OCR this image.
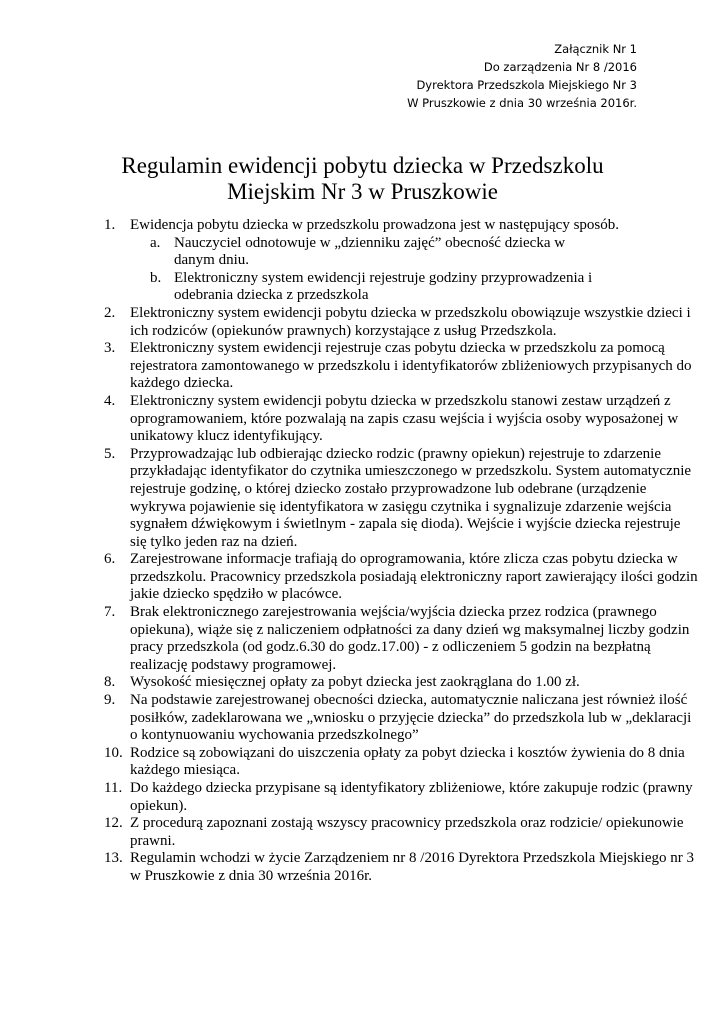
Załącznik Nr 1
Do zarządzenia Nr 8 /2016
Dyrektora Przedszkola Miejskiego Nr 3
W Pruszkowie z dnia 30 września 2016r.
Regulamin ewidencji pobytu dziecka w Przedszkolu
Miejskim Nr 3 w Pruszkowie
1. Ewidencja pobytu dziecka w przedszkolu prowadzona jest w następujący sposób.
a. Nauczyciel odnotowuje w „dzienniku zajęć” obecność dziecka w danym dniu.
b. Elektroniczny system ewidencji rejestruje godziny przyprowadzenia i odebrania dziecka z przedszkola
2. Elektroniczny system ewidencji pobytu dziecka w przedszkolu obowiązuje wszystkie dzieci i ich rodziców (opiekunów prawnych) korzystające z usług Przedszkola.
3. Elektroniczny system ewidencji rejestruje czas pobytu dziecka w przedszkolu za pomocą rejestratora zamontowanego w przedszkolu i identyfikatorów zbliżeniowych przypisanych do każdego dziecka.
4. Elektroniczny system ewidencji pobytu dziecka w przedszkolu stanowi zestaw urządzeń z oprogramowaniem, które pozwalają na zapis czasu wejścia i wyjścia osoby wyposażonej w unikatowy klucz identyfikujący.
5. Przyprowadzając lub odbierając dziecko rodzic (prawny opiekun) rejestruje to zdarzenie przykładając identyfikator do czytnika umieszczonego w przedszkolu. System automatycznie rejestruje godzinę, o której dziecko zostało przyprowadzone lub odebrane (urządzenie wykrywa pojawienie się identyfikatora w zasięgu czytnika i sygnalizuje zdarzenie wejścia sygnałem dźwiękowym i świetlnym - zapala się dioda). Wejście i wyjście dziecka rejestruje się tylko jeden raz na dzień.
6. Zarejestrowane informacje trafiają do oprogramowania, które zlicza czas pobytu dziecka w przedszkolu. Pracownicy przedszkola posiadają elektroniczny raport zawierający ilości godzin jakie dziecko spędziło w placówce.
7. Brak elektronicznego zarejestrowania wejścia/wyjścia dziecka przez rodzica (prawnego opiekuna), wiąże się z naliczeniem odpłatności za dany dzień wg maksymalnej liczby godzin pracy przedszkola (od godz.6.30 do godz.17.00) - z odliczeniem 5 godzin na bezpłatną realizację podstawy programowej.
8. Wysokość miesięcznej opłaty za pobyt dziecka jest zaokrąglana do 1.00 zł.
9. Na podstawie zarejestrowanej obecności dziecka, automatycznie naliczana jest również ilość posiłków, zadeklarowana we „wniosku o przyjęcie dziecka” do przedszkola lub w „deklaracji o kontynuowaniu wychowania przedszkolnego”
10. Rodzice są zobowiązani do uiszczenia opłaty za pobyt dziecka i kosztów żywienia do 8 dnia każdego miesiąca.
11. Do każdego dziecka przypisane są identyfikatory zbliżeniowe, które zakupuje rodzic (prawny opiekun).
12. Z procedurą zapoznani zostają wszyscy pracownicy przedszkola oraz rodzicie/ opiekunowie prawni.
13. Regulamin wchodzi w życie Zarządzeniem nr 8 /2016 Dyrektora Przedszkola Miejskiego nr 3 w Pruszkowie z dnia 30 września 2016r.
